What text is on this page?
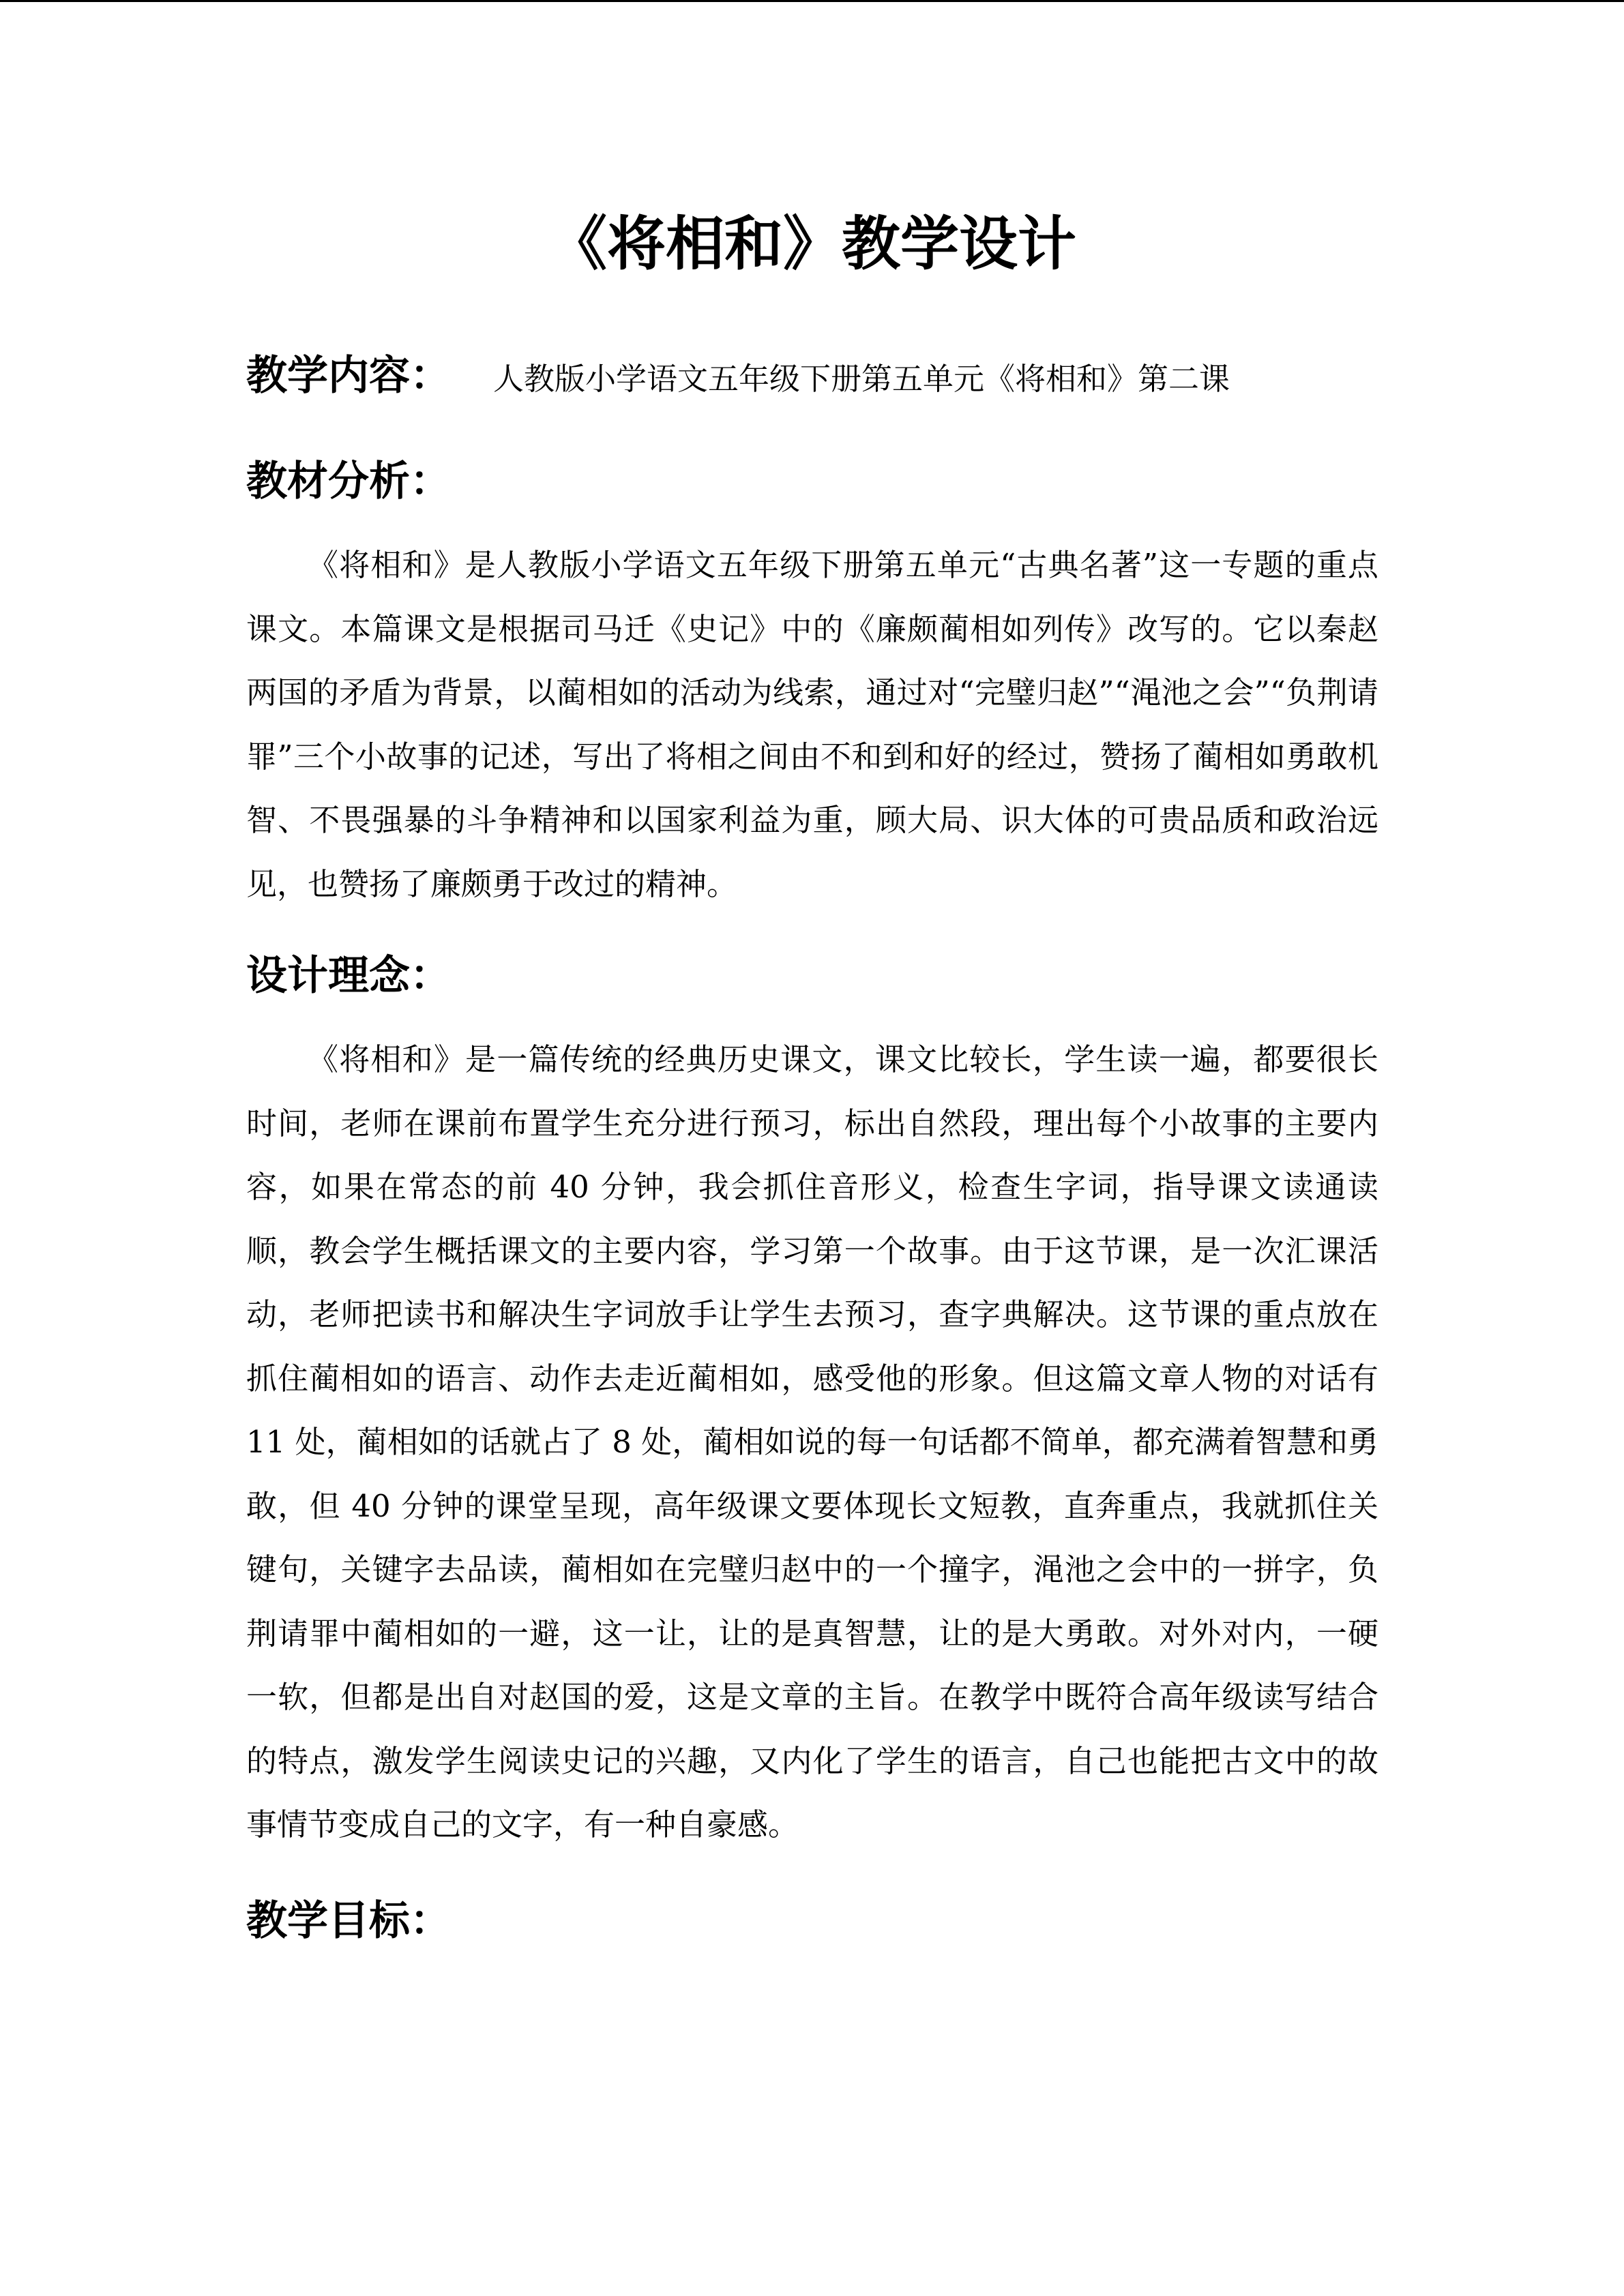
《将相和》教学设计
教学内容： 人教版小学语文五年级下册第五单元《将相和》第二课
教材分析：

《将相和》是人教版小学语文五年级下册第五单元“古典名著”这一专题的重点课文。本篇课文是根据司马迁《史记》中的《廉颇蔺相如列传》改写的。它以秦赵两国的矛盾为背景，以蔺相如的活动为线索，通过对“完璧归赵”“渑池之会”“负荆请罪”三个小故事的记述，写出了将相之间由不和到和好的经过，赞扬了蔺相如勇敢机智、不畏强暴的斗争精神和以国家利益为重，顾大局、识大体的可贵品质和政治远见，也赞扬了廉颇勇于改过的精神。

设计理念：

《将相和》是一篇传统的经典历史课文，课文比较长，学生读一遍，都要很长时间，老师在课前布置学生充分进行预习，标出自然段，理出每个小故事的主要内容，如果在常态的前 40 分钟，我会抓住音形义，检查生字词，指导课文读通读顺，教会学生概括课文的主要内容，学习第一个故事。由于这节课，是一次汇课活动，老师把读书和解决生字词放手让学生去预习，查字典解决。这节课的重点放在抓住蔺相如的语言、动作去走近蔺相如，感受他的形象。但这篇文章人物的对话有 11 处，蔺相如的话就占了 8 处，蔺相如说的每一句话都不简单，都充满着智慧和勇敢，但 40 分钟的课堂呈现，高年级课文要体现长文短教，直奔重点，我就抓住关键句，关键字去品读，蔺相如在完璧归赵中的一个撞字，渑池之会中的一拼字，负荆请罪中蔺相如的一避，这一让，让的是真智慧，让的是大勇敢。对外对内，一硬一软，但都是出自对赵国的爱，这是文章的主旨。在教学中既符合高年级读写结合的特点，激发学生阅读史记的兴趣，又内化了学生的语言，自己也能把古文中的故事情节变成自己的文字，有一种自豪感。

教学目标：
